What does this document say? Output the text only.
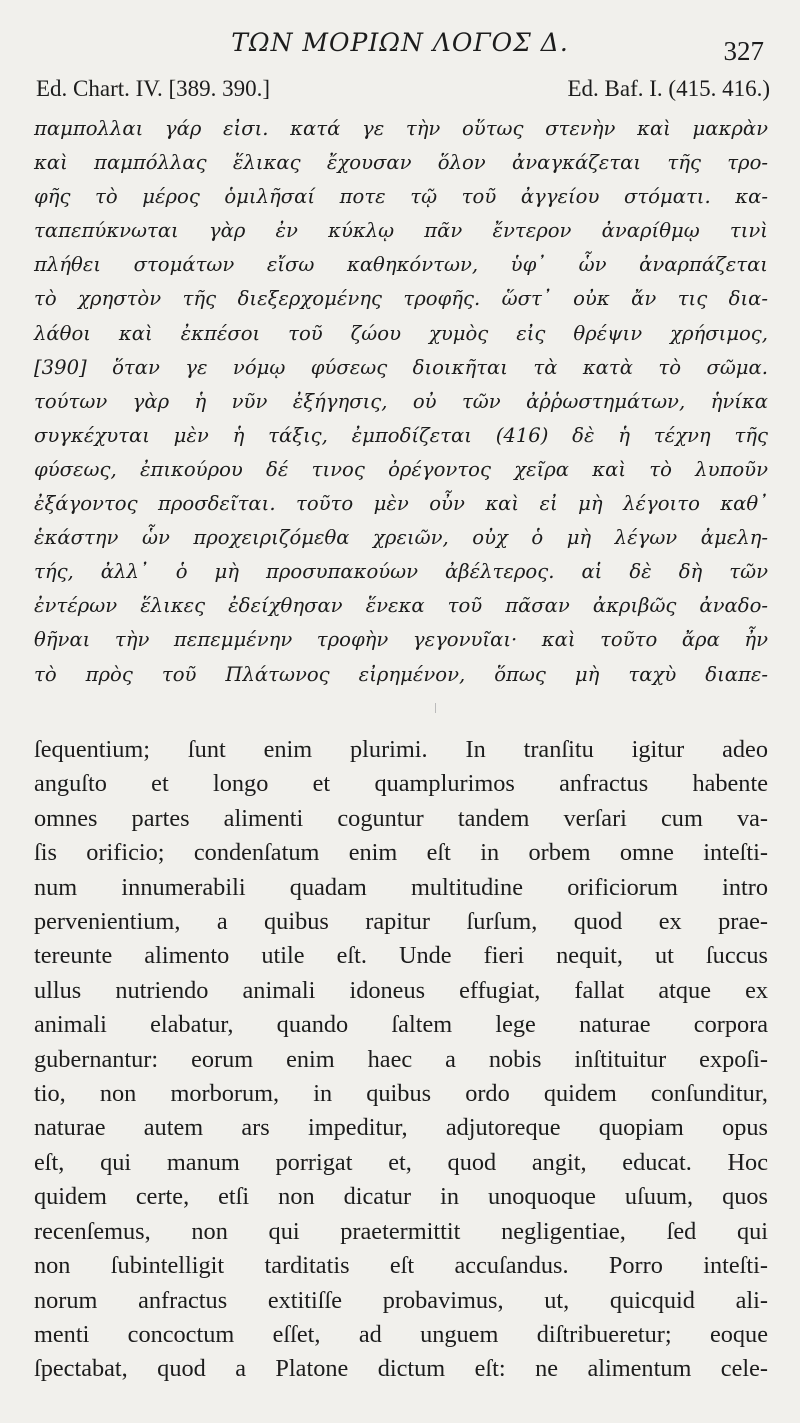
ΤΩΝ ΜΟΡΙΩΝ ΛΟΓΟΣ Δ.	327
Ed. Chart. IV. [389. 390.]	Ed. Baf. I. (415. 416.)
παμπολλαι γάρ εἰσι. κατά γε τὴν οὕτως στενὴν καὶ μακρὰν
καὶ παμπόλλας ἕλικας ἔχουσαν ὅλον ἀναγκάζεται τῆς τρο-
φῆς τὸ μέρος ὁμιλῆσαί ποτε τῷ τοῦ ἀγγείου στόματι. κα-
ταπεπύκνωται γὰρ ἐν κύκλῳ πᾶν ἔντερον ἀναρίθμῳ τινὶ
πλήθει στομάτων εἴσω καθηκόντων, ὑφ᾽ ὧν ἀναρπάζεται
τὸ χρηστὸν τῆς διεξερχομένης τροφῆς. ὥστ᾽ οὐκ ἄν τις δια-
λάθοι καὶ ἐκπέσοι τοῦ ζώου χυμὸς εἰς θρέψιν χρήσιμος,
[390] ὅταν γε νόμῳ φύσεως διοικῆται τὰ κατὰ τὸ σῶμα.
τούτων γὰρ ἡ νῦν ἐξήγησις, οὐ τῶν ἀῤῥωστημάτων, ἡνίκα
συγκέχυται μὲν ἡ τάξις, ἐμποδίζεται (416) δὲ ἡ τέχνη τῆς
φύσεως, ἐπικούρου δέ τινος ὀρέγοντος χεῖρα καὶ τὸ λυποῦν
ἐξάγοντος προσδεῖται. τοῦτο μὲν οὖν καὶ εἰ μὴ λέγοιτο καθ᾽
ἑκάστην ὧν προχειριζόμεθα χρειῶν, οὐχ ὁ μὴ λέγων ἀμελη-
τής, ἀλλ᾽ ὁ μὴ προσυπακούων ἀβέλτερος. αἱ δὲ δὴ τῶν
ἐντέρων ἕλικες ἐδείχθησαν ἕνεκα τοῦ πᾶσαν ἀκριβῶς ἀναδο-
θῆναι τὴν πεπεμμένην τροφὴν γεγονυῖαι· καὶ τοῦτο ἄρα ἦν
τὸ πρὸς τοῦ Πλάτωνος εἰρημένον, ὅπως μὴ ταχὺ διαπε-
ſequentium; ſunt enim plurimi. In tranſitu igitur adeo
anguſto et longo et quamplurimos anfractus habente
omnes partes alimenti coguntur tandem verſari cum va-
ſis orificio; condenſatum enim eſt in orbem omne inteſti-
num innumerabili quadam multitudine orificiorum intro
pervenientium, a quibus rapitur ſurſum, quod ex prae-
tereunte alimento utile eſt. Unde fieri nequit, ut ſuccus
ullus nutriendo animali idoneus effugiat, fallat atque ex
animali elabatur, quando ſaltem lege naturae corpora
gubernantur: eorum enim haec a nobis inſtituitur expoſi-
tio, non morborum, in quibus ordo quidem conſunditur,
naturae autem ars impeditur, adjutoreque quopiam opus
eſt, qui manum porrigat et, quod angit, educat. Hoc
quidem certe, etſi non dicatur in unoquoque uſuum, quos
recenſemus, non qui praetermittit negligentiae, ſed qui
non ſubintelligit tarditatis eſt accuſandus. Porro inteſti-
norum anfractus extitiſſe probavimus, ut, quicquid ali-
menti concoctum eſſet, ad unguem diſtribueretur; eoque
ſpectabat, quod a Platone dictum eſt: ne alimentum cele-
